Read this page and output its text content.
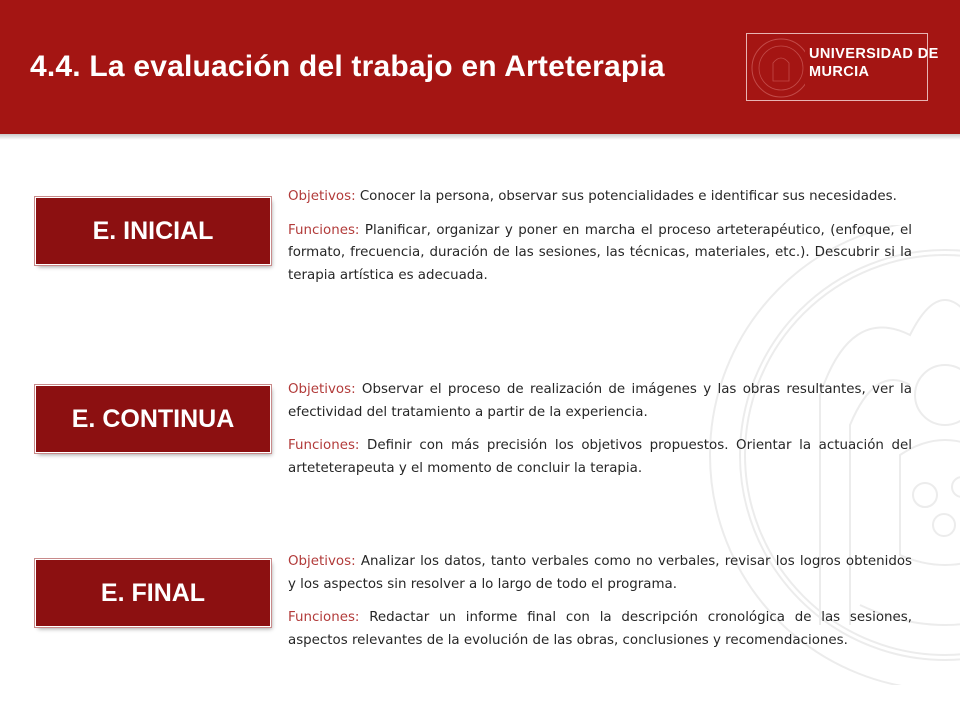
4.4. La evaluación del trabajo en Arteterapia	UNIVERSIDAD DE
MURCIA
E. INICIAL

Objetivos: Conocer la persona, observar sus potencialidades e identificar sus necesidades.

Funciones: Planificar, organizar y poner en marcha el proceso arteterapéutico, (enfoque, el formato, frecuencia, duración de las sesiones, las técnicas, materiales, etc.). Descubrir si la terapia artística es adecuada.

E. CONTINUA

Objetivos: Observar el proceso de realización de imágenes y las obras resultantes, ver la efectividad del tratamiento a partir de la experiencia.

Funciones: Definir con más precisión los objetivos propuestos. Orientar la actuación del arteteterapeuta y el momento de concluir la terapia.

E. FINAL

Objetivos: Analizar los datos, tanto verbales como no verbales, revisar los logros obtenidos y los aspectos sin resolver a lo largo de todo el programa.

Funciones: Redactar un informe final con la descripción cronológica de las sesiones, aspectos relevantes de la evolución de las obras, conclusiones y recomendaciones.
